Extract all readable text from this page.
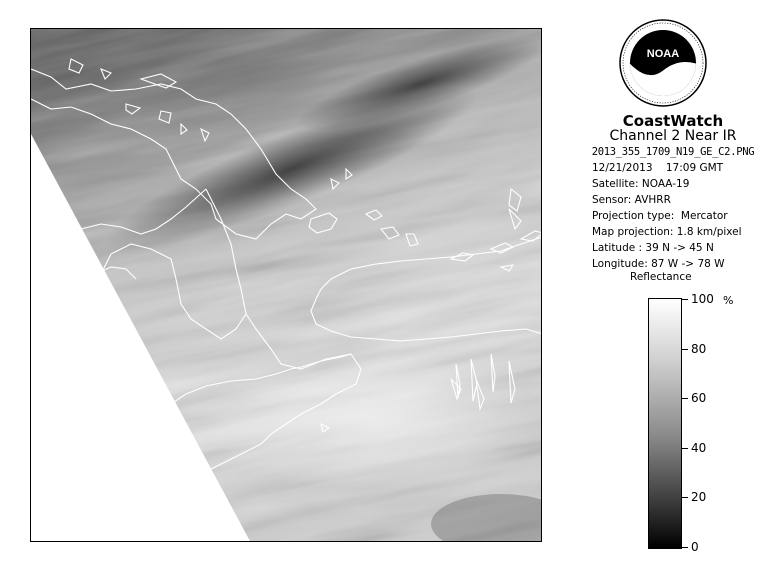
NOAA
CoastWatch
Channel 2 Near IR
2013_355_1709_N19_GE_C2.PNG
12/21/2013    17:09 GMT
Satellite: NOAA-19
Sensor: AVHRR
Projection type:  Mercator
Map projection: 1.8 km/pixel
Latitude : 39 N -> 45 N
Longitude: 87 W -> 78 W
Reflectance
%
100
80
60
40
20
0
